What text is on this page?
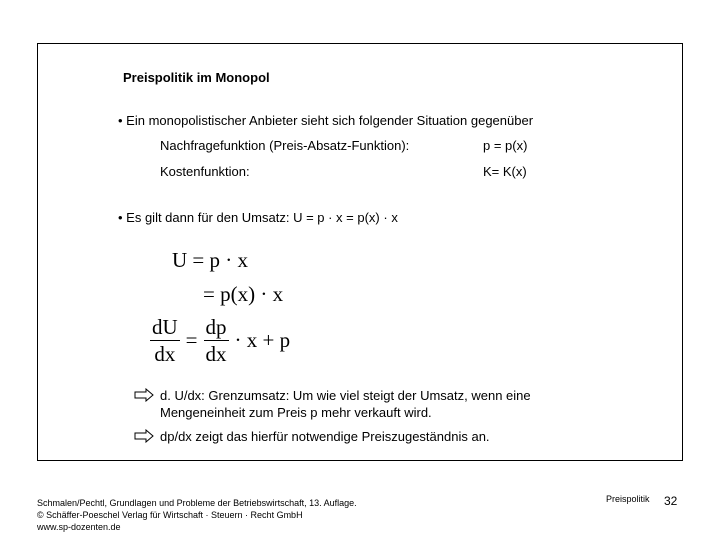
Preispolitik im Monopol
• Ein monopolistischer Anbieter sieht sich folgender Situation gegenüber
Nachfragefunktion (Preis-Absatz-Funktion):	p = p(x)
Kostenfunktion:	K= K(x)
• Es gilt dann für den Umsatz: U = p · x = p(x) · x
U = p · x
= p(x) · x
$\frac{dU}{dx} = \frac{dp}{dx} \cdot x + p$
d. U/dx: Grenzumsatz: Um wie viel steigt der Umsatz, wenn eine Mengeneinheit zum Preis p mehr verkauft wird.
dp/dx zeigt das hierfür notwendige Preiszugeständnis an.
Schmalen/Pechtl, Grundlagen und Probleme der Betriebswirtschaft, 13. Auflage.
© Schäffer-Poeschel Verlag für Wirtschaft · Steuern · Recht GmbH
www.sp-dozenten.de
Preispolitik 32
